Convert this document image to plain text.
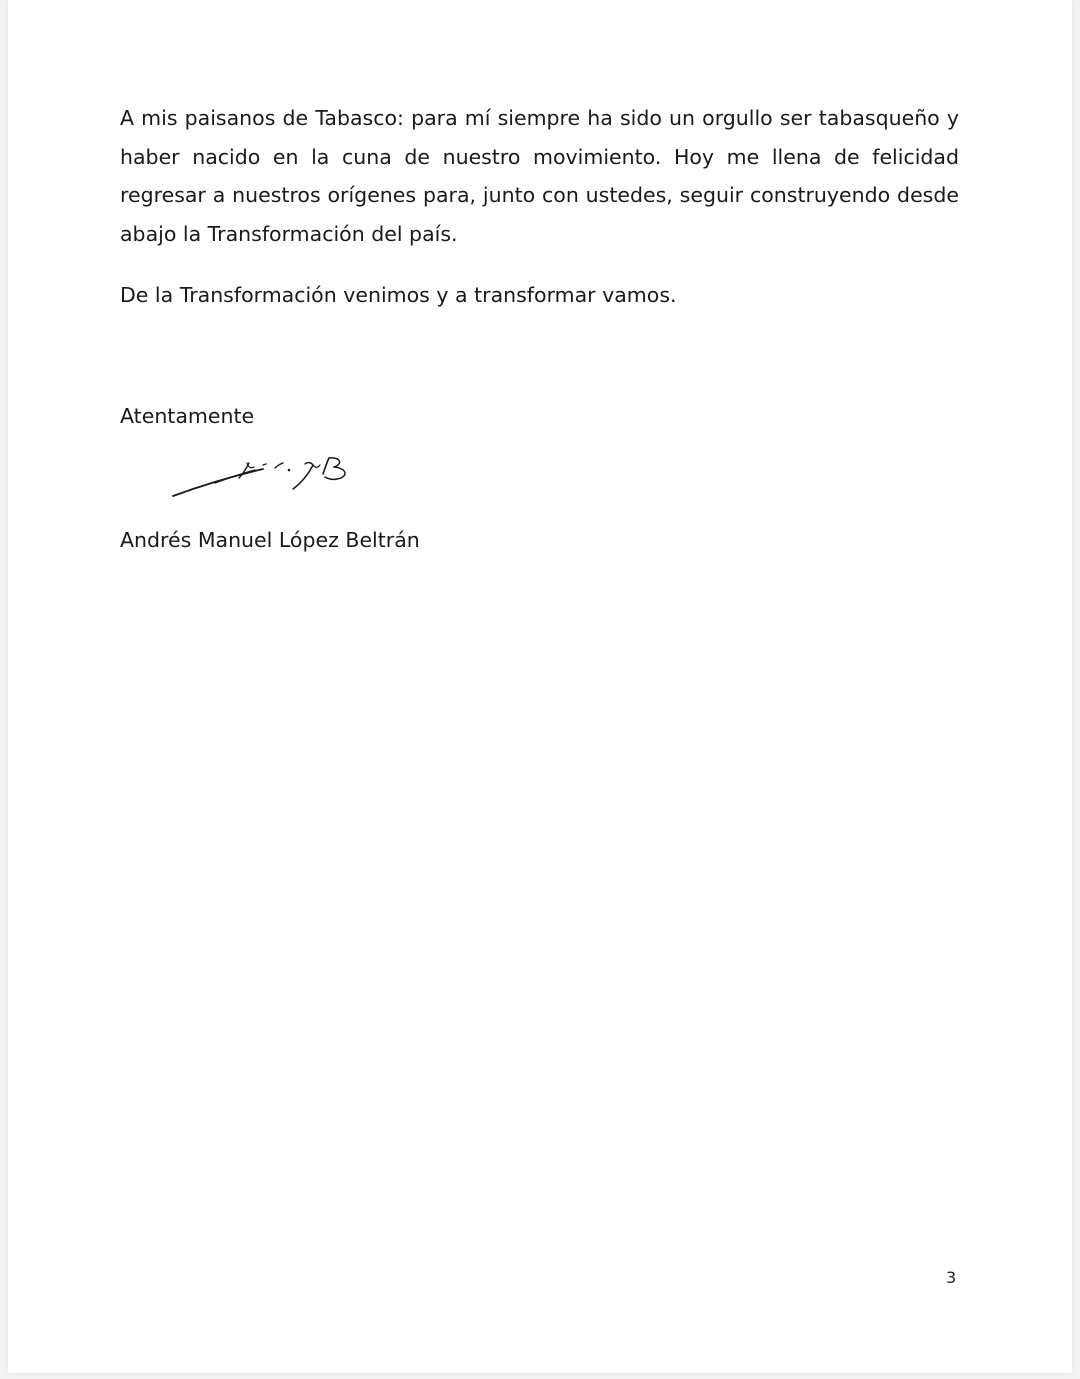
A mis paisanos de Tabasco: para mí siempre ha sido un orgullo ser tabasqueño y haber nacido en la cuna de nuestro movimiento. Hoy me llena de felicidad regresar a nuestros orígenes para, junto con ustedes, seguir construyendo desde abajo la Transformación del país.

De la Transformación venimos y a transformar vamos.

Atentamente
Andrés Manuel López Beltrán
3
